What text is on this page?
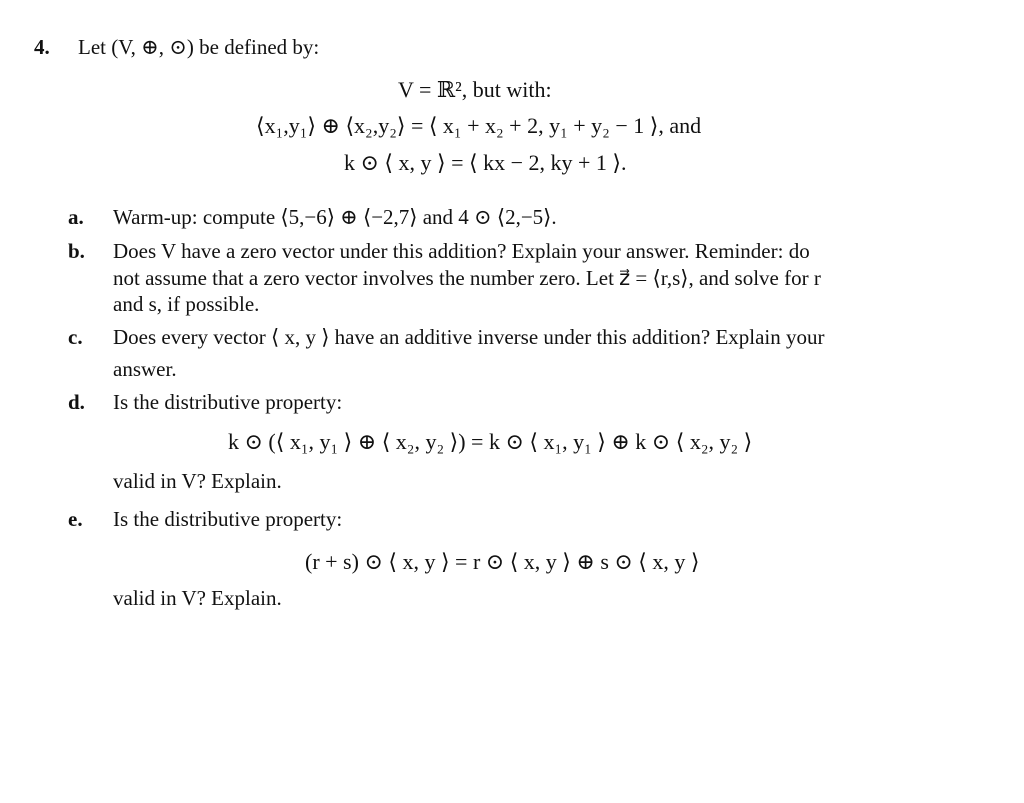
4. Let (V, ⊕, ⊙) be defined by:
V = ℝ², but with:
⟨x₁,y₁⟩ ⊕ ⟨x₂,y₂⟩ = ⟨ x₁ + x₂ + 2, y₁ + y₂ − 1 ⟩, and
k ⊙ ⟨ x, y ⟩ = ⟨ kx − 2, ky + 1 ⟩.
a. Warm-up: compute ⟨5,−6⟩ ⊕ ⟨−2,7⟩ and 4 ⊙ ⟨2,−5⟩.
b. Does V have a zero vector under this addition? Explain your answer. Reminder: do
not assume that a zero vector involves the number zero. Let z⃗ = ⟨r,s⟩, and solve for r
and s, if possible.
c. Does every vector ⟨ x, y ⟩ have an additive inverse under this addition? Explain your
answer.
d. Is the distributive property:
k ⊙ (⟨ x₁, y₁ ⟩ ⊕ ⟨ x₂, y₂ ⟩) = k ⊙ ⟨ x₁, y₁ ⟩ ⊕ k ⊙ ⟨ x₂, y₂ ⟩
valid in V? Explain.
e. Is the distributive property:
(r + s) ⊙ ⟨ x, y ⟩ = r ⊙ ⟨ x, y ⟩ ⊕ s ⊙ ⟨ x, y ⟩
valid in V? Explain.
